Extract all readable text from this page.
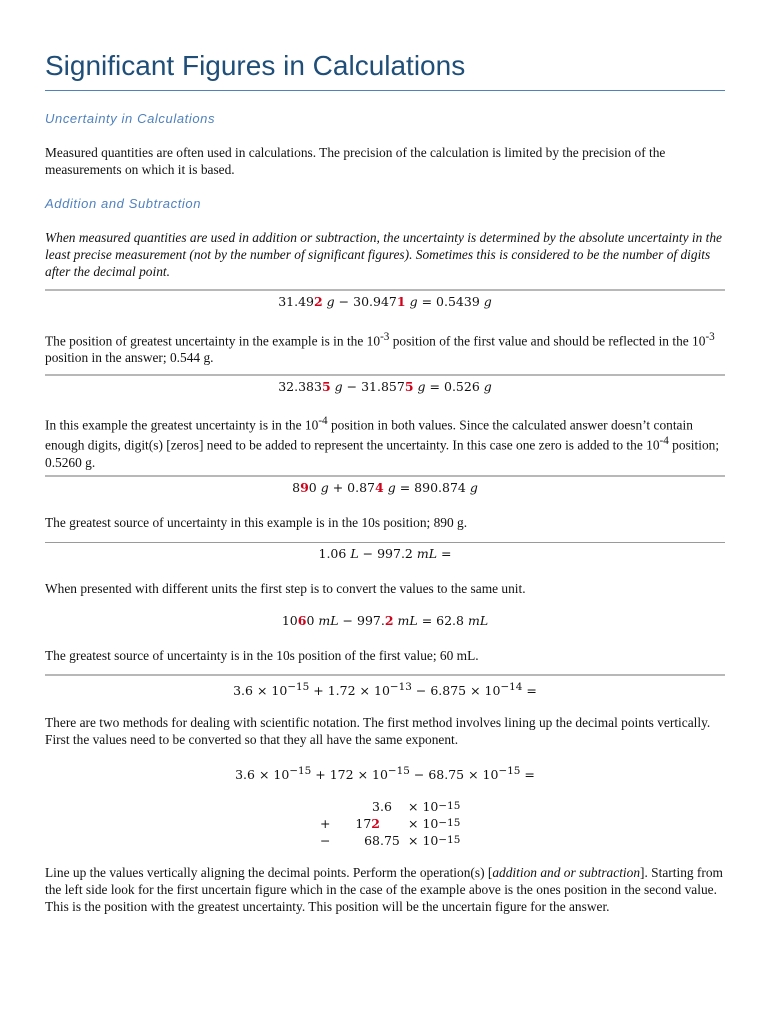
Significant Figures in Calculations
Uncertainty in Calculations

Measured quantities are often used in calculations. The precision of the calculation is limited by the precision of the measurements on which it is based.

Addition and Subtraction

When measured quantities are used in addition or subtraction, the uncertainty is determined by the absolute uncertainty in the least precise measurement (not by the number of significant figures). Sometimes this is considered to be the number of digits after the decimal point.

31.492 g − 30.9471 g = 0.5439 g

The position of greatest uncertainty in the example is in the $10^{-3}$ position of the first value and should be reflected in the $10^{-3}$ position in the answer; 0.544 g.

32.3835 g − 31.8575 g = 0.526 g

In this example the greatest uncertainty is in the $10^{-4}$ position in both values. Since the calculated answer doesn’t contain enough digits, digit(s) [zeros] need to be added to represent the uncertainty. In this case one zero is added to the $10^{-4}$ position; 0.5260 g.

890 g + 0.874 g = 890.874 g

The greatest source of uncertainty in this example is in the 10s position; 890 g.

1.06 L − 997.2 mL =

When presented with different units the first step is to convert the values to the same unit.

1060 mL − 997.2 mL = 62.8 mL

The greatest source of uncertainty is in the 10s position of the first value; 60 mL.

$3.6 \times 10^{-15} + 1.72 \times 10^{-13} - 6.875 \times 10^{-14}$ =

There are two methods for dealing with scientific notation. The first method involves lining up the decimal points vertically. First the values need to be converted so that they all have the same exponent.

$3.6 \times 10^{-15} + 172 \times 10^{-15} - 68.75 \times 10^{-15}$ =

3 .6	× 10 −15
+	172 × 10 −15
−	68 .75 × 10 −15

Line up the values vertically aligning the decimal points. Perform the operation(s) [addition and or subtraction]. Starting from the left side look for the first uncertain figure which in the case of the example above is the ones position in the second value. This is the position with the greatest uncertainty. This position will be the uncertain figure for the answer.
